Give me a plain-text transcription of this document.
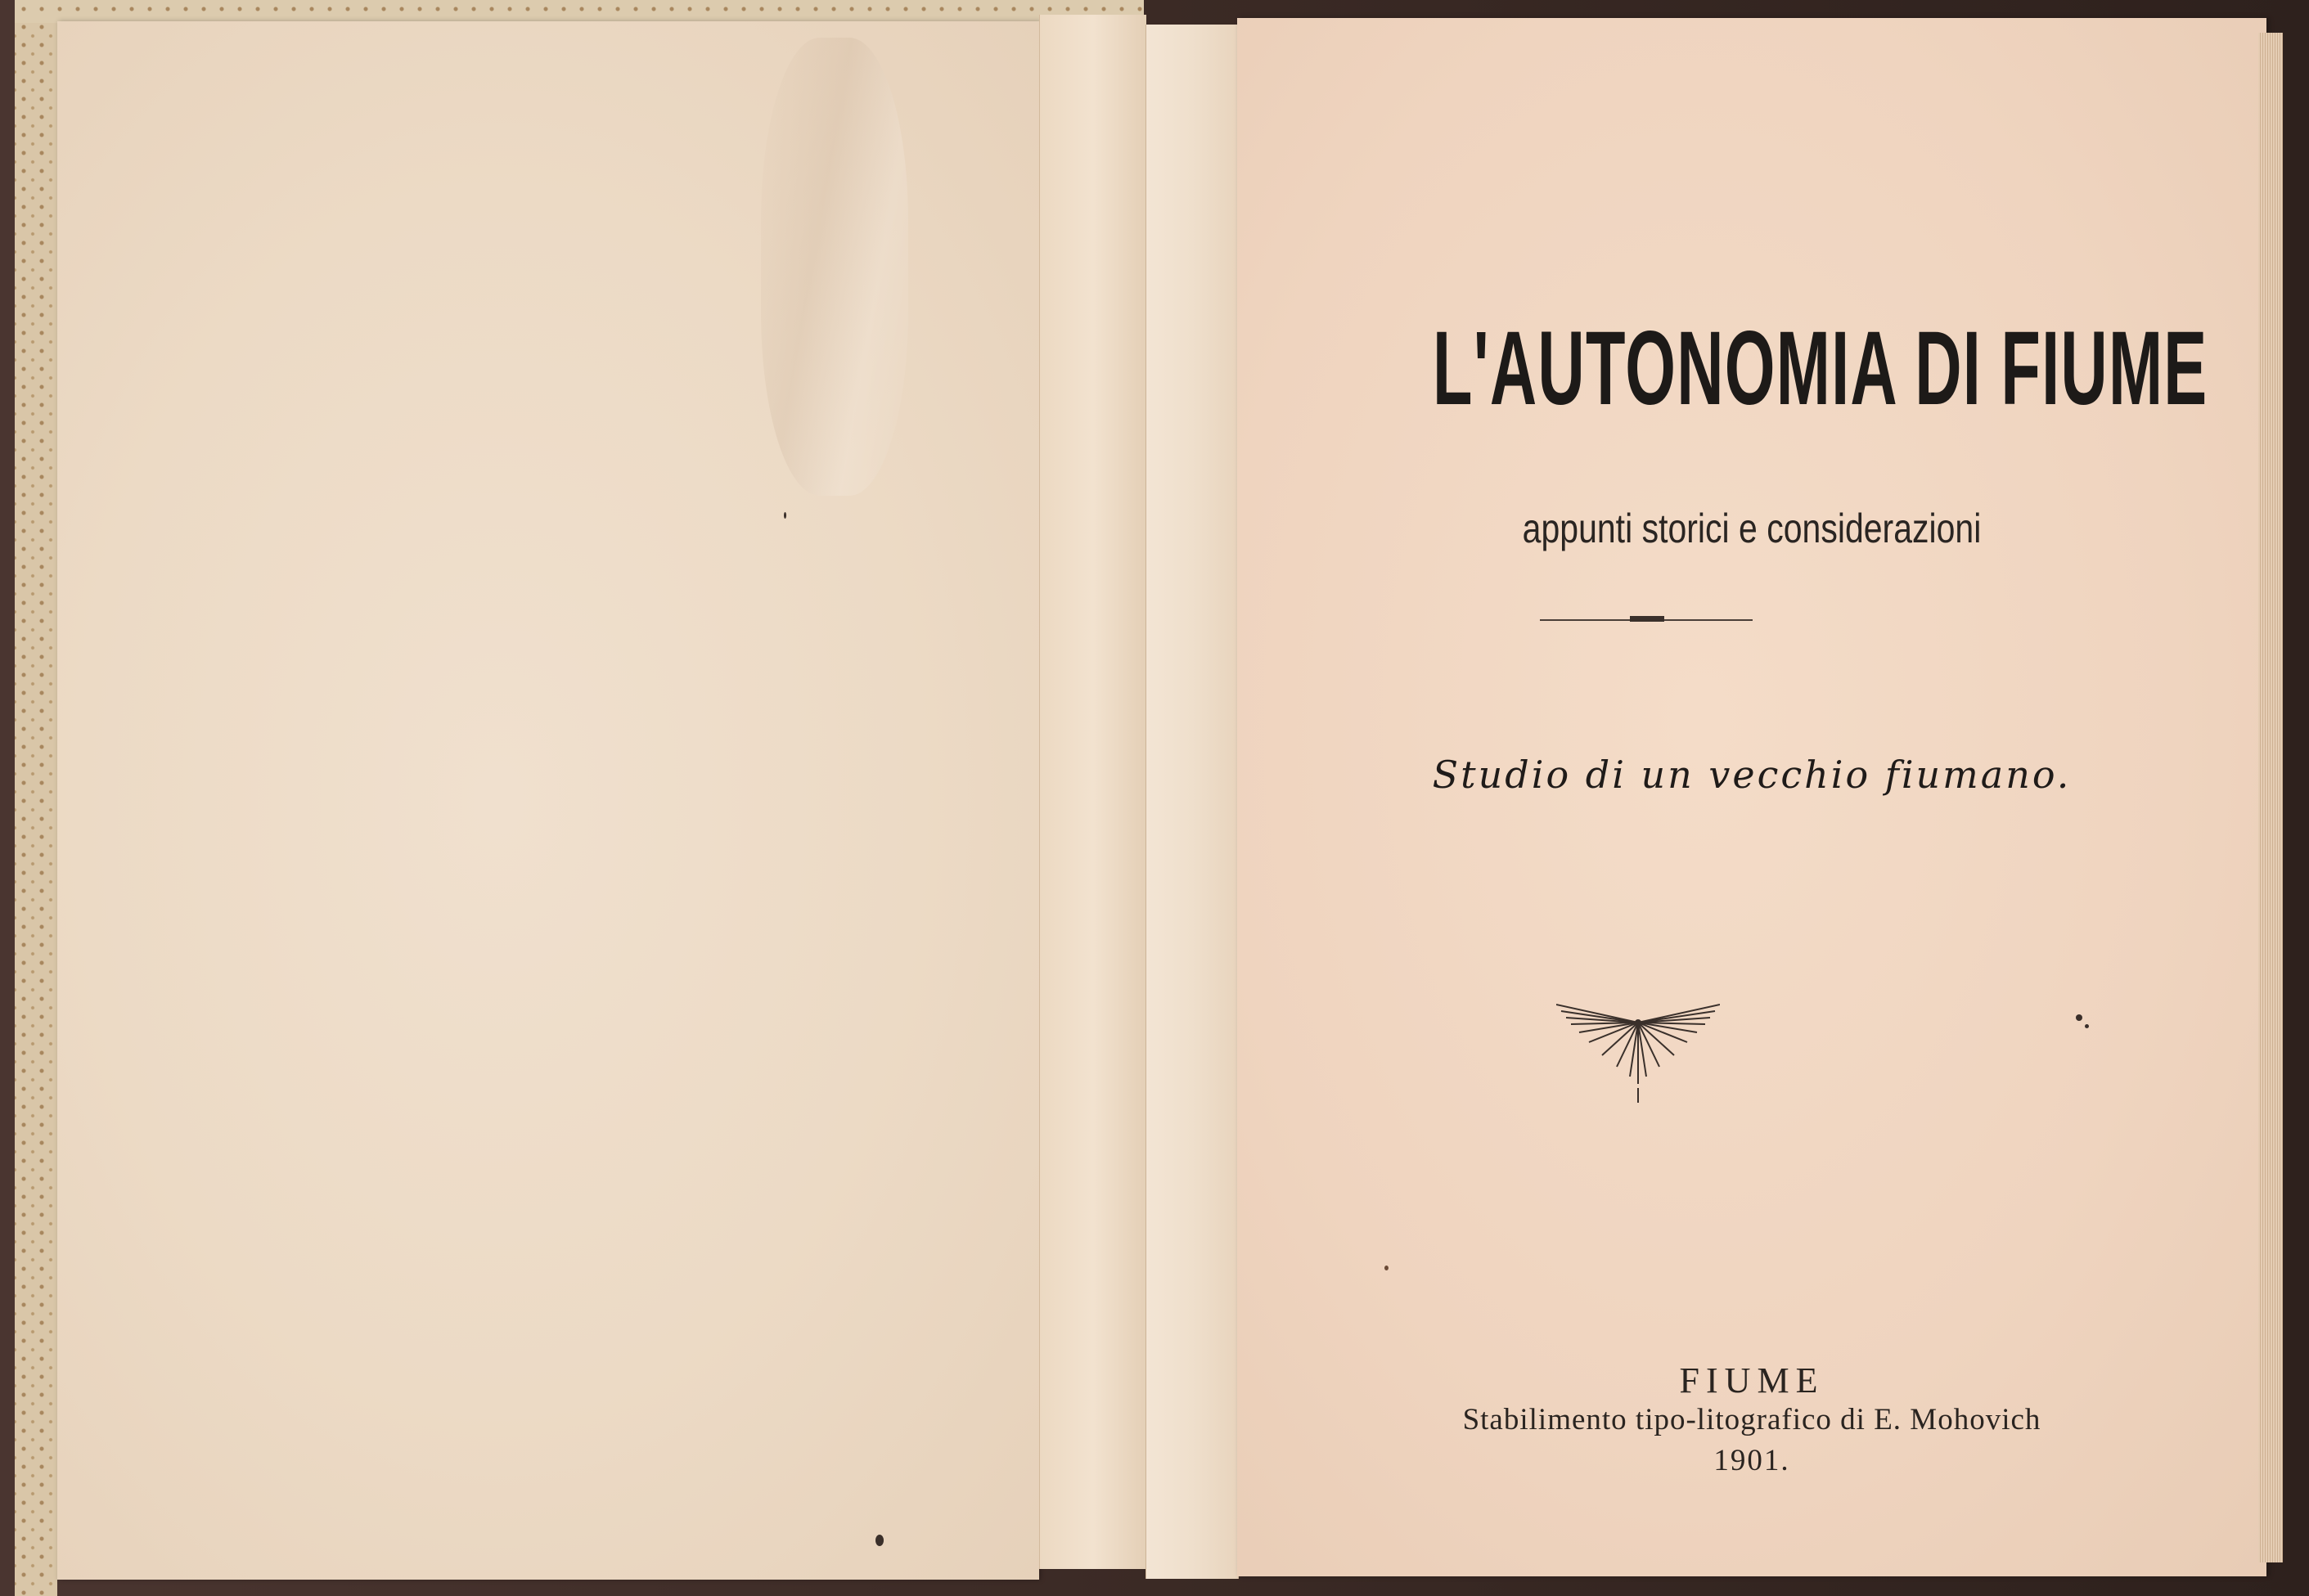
L'AUTONOMIA DI FIUME
appunti storici e considerazioni
Studio di un vecchio fiumano.
FIUME
Stabilimento tipo-litografico di E. Mohovich
1901.
